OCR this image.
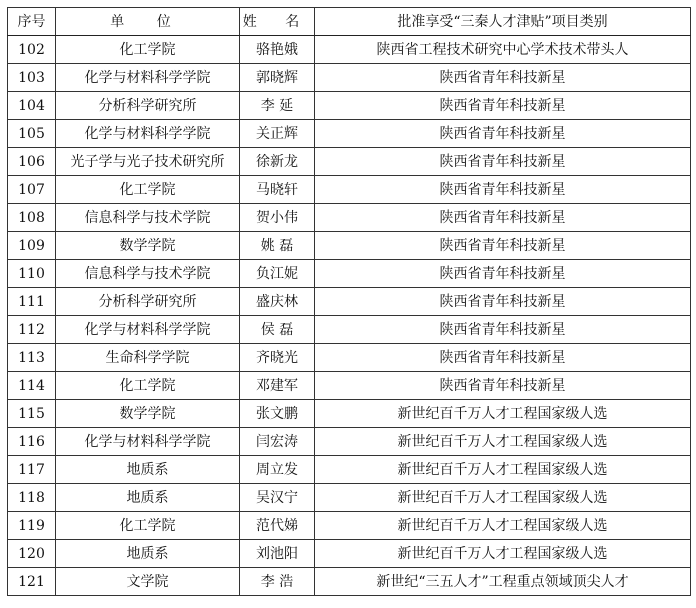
序号	单 位	姓 名	批准享受“三秦人才津贴”项目类别
102	化工学院	骆艳娥	陕西省工程技术研究中心学术技术带头人
103	化学与材料科学学院	郭晓辉	陕西省青年科技新星
104	分析科学研究所	李 延	陕西省青年科技新星
105	化学与材料科学学院	关正辉	陕西省青年科技新星
106	光子学与光子技术研究所	徐新龙	陕西省青年科技新星
107	化工学院	马晓轩	陕西省青年科技新星
108	信息科学与技术学院	贺小伟	陕西省青年科技新星
109	数学学院	姚 磊	陕西省青年科技新星
110	信息科学与技术学院	负江妮	陕西省青年科技新星
111	分析科学研究所	盛庆林	陕西省青年科技新星
112	化学与材料科学学院	侯 磊	陕西省青年科技新星
113	生命科学学院	齐晓光	陕西省青年科技新星
114	化工学院	邓建军	陕西省青年科技新星
115	数学学院	张文鹏	新世纪百千万人才工程国家级人选
116	化学与材料科学学院	闫宏涛	新世纪百千万人才工程国家级人选
117	地质系	周立发	新世纪百千万人才工程国家级人选
118	地质系	吴汉宁	新世纪百千万人才工程国家级人选
119	化工学院	范代娣	新世纪百千万人才工程国家级人选
120	地质系	刘池阳	新世纪百千万人才工程国家级人选
121	文学院	李 浩	新世纪“三五人才”工程重点领域顶尖人才
